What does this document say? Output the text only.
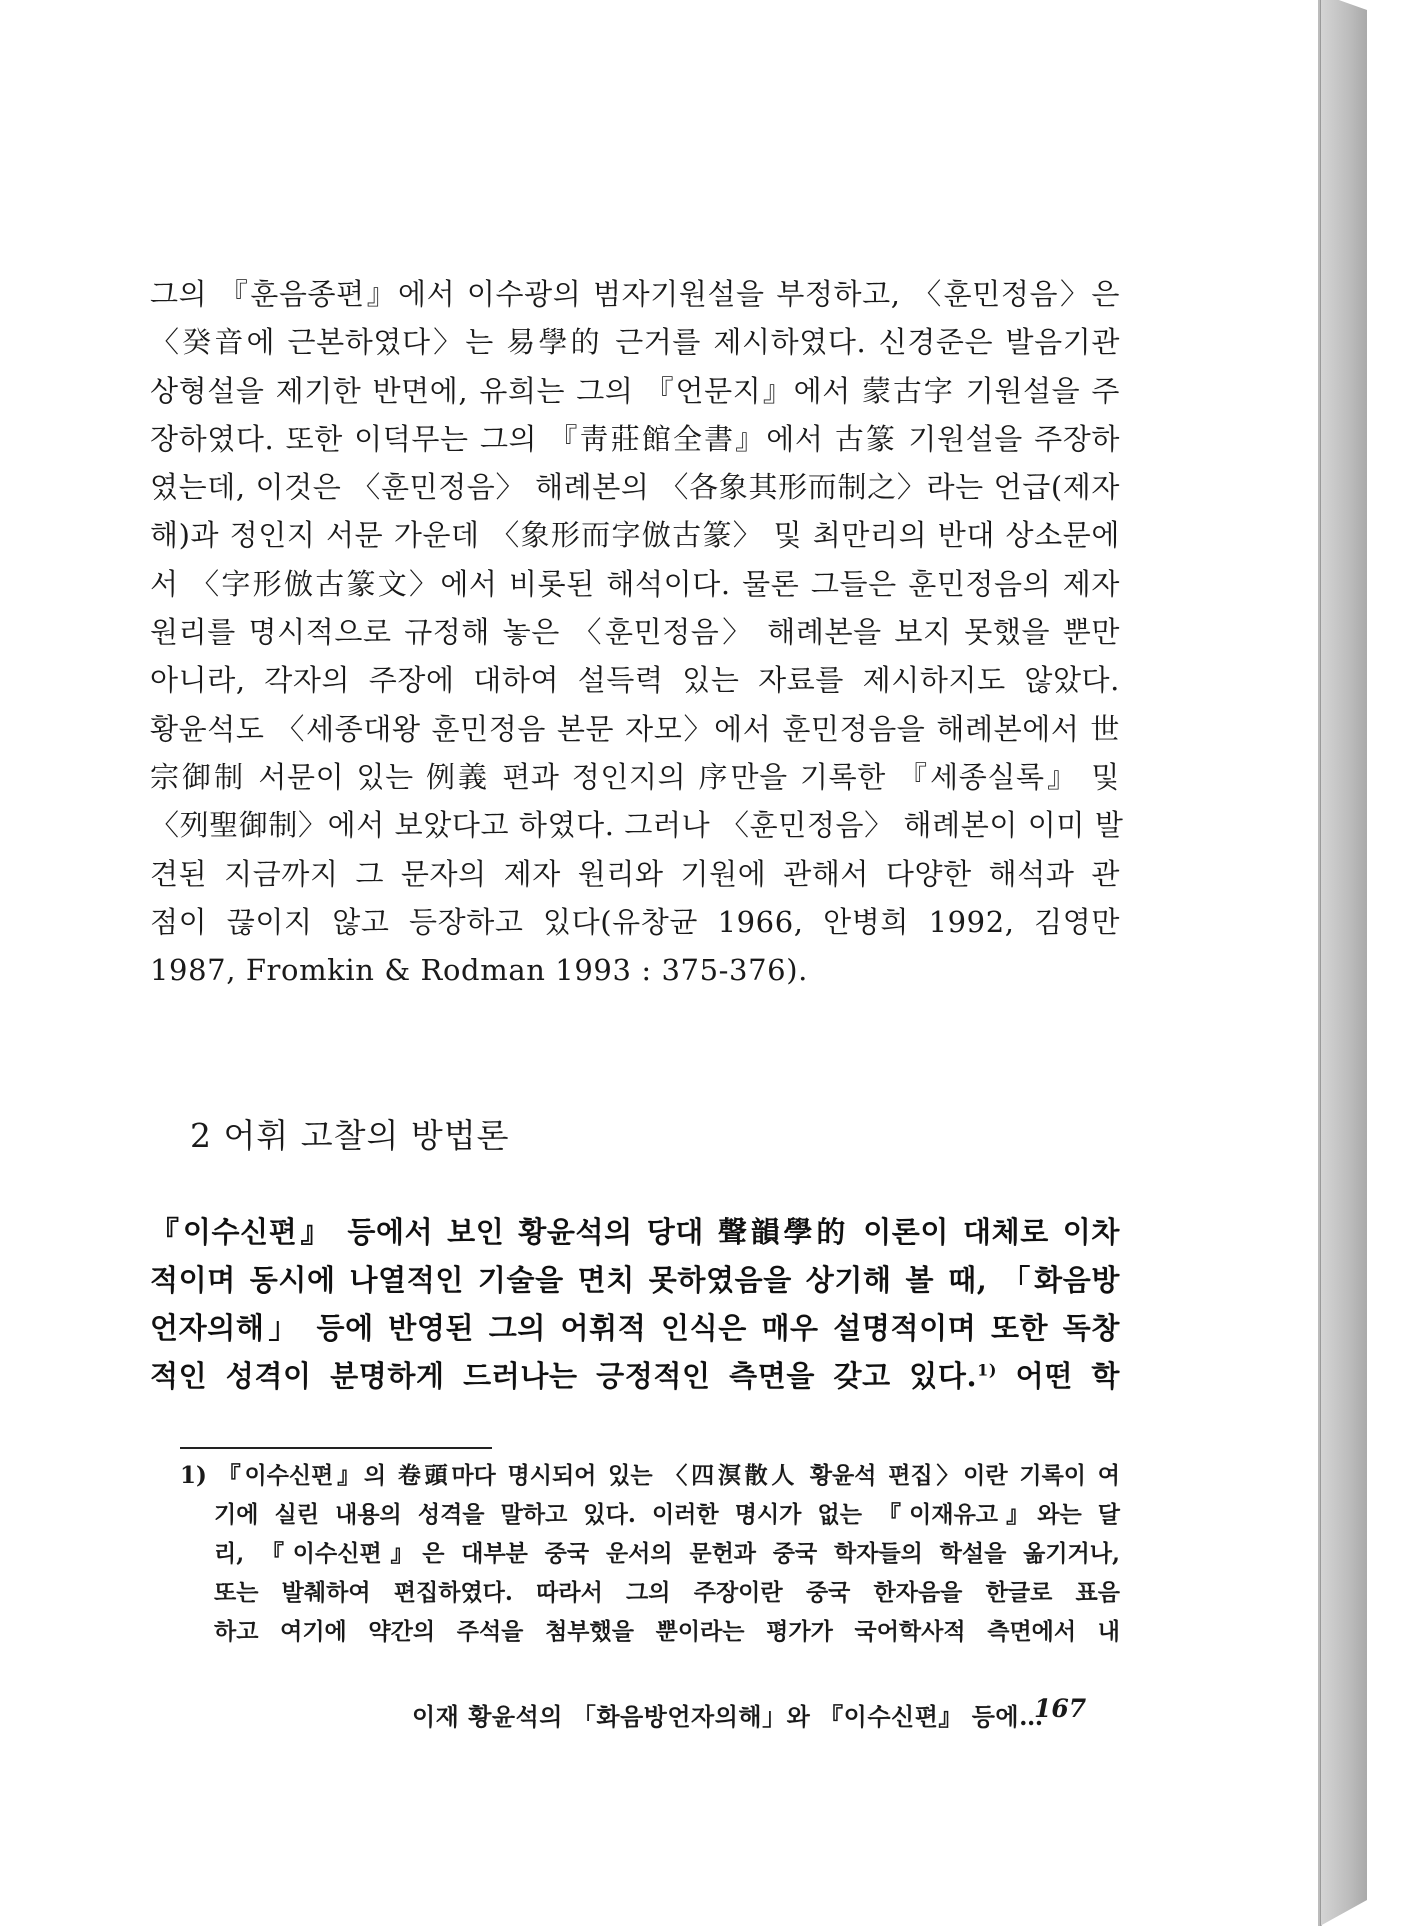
그의 『훈음종편』에서 이수광의 범자기원설을 부정하고, 〈훈민정음〉은
〈癸音에 근본하였다〉는 易學的 근거를 제시하였다. 신경준은 발음기관
상형설을 제기한 반면에, 유희는 그의 『언문지』에서 蒙古字 기원설을 주
장하였다. 또한 이덕무는 그의 『靑莊館全書』에서 古篆 기원설을 주장하
였는데, 이것은 〈훈민정음〉 해례본의 〈各象其形而制之〉라는 언급(제자
해)과 정인지 서문 가운데 〈象形而字倣古篆〉 및 최만리의 반대 상소문에
서 〈字形倣古篆文〉에서 비롯된 해석이다. 물론 그들은 훈민정음의 제자
원리를 명시적으로 규정해 놓은 〈훈민정음〉 해례본을 보지 못했을 뿐만
아니라, 각자의 주장에 대하여 설득력 있는 자료를 제시하지도 않았다.
황윤석도 〈세종대왕 훈민정음 본문 자모〉에서 훈민정음을 해례본에서 世
宗御制 서문이 있는 例義 편과 정인지의 序만을 기록한 『세종실록』 및
〈列聖御制〉에서 보았다고 하였다. 그러나 〈훈민정음〉 해례본이 이미 발
견된 지금까지 그 문자의 제자 원리와 기원에 관해서 다양한 해석과 관
점이 끊이지 않고 등장하고 있다(유창균 1966, 안병희 1992, 김영만
1987, Fromkin & Rodman 1993 : 375-376).
2 어휘 고찰의 방법론
『이수신편』 등에서 보인 황윤석의 당대 聲韻學的 이론이 대체로 이차
적이며 동시에 나열적인 기술을 면치 못하였음을 상기해 볼 때, 「화음방
언자의해」 등에 반영된 그의 어휘적 인식은 매우 설명적이며 또한 독창
적인 성격이 분명하게 드러나는 긍정적인 측면을 갖고 있다.$^{1)}$ 어떤 학
1) 『이수신편』의 卷頭마다 명시되어 있는 〈四溟散人 황윤석 편집〉이란 기록이 여
기에 실린 내용의 성격을 말하고 있다. 이러한 명시가 없는 『이재유고』와는 달
리, 『이수신편』은 대부분 중국 운서의 문헌과 중국 학자들의 학설을 옮기거나,
또는 발췌하여 편집하였다. 따라서 그의 주장이란 중국 한자음을 한글로 표음
하고 여기에 약간의 주석을 첨부했을 뿐이라는 평가가 국어학사적 측면에서 내
이재 황윤석의 「화음방언자의해」와 『이수신편』 등에…
167
